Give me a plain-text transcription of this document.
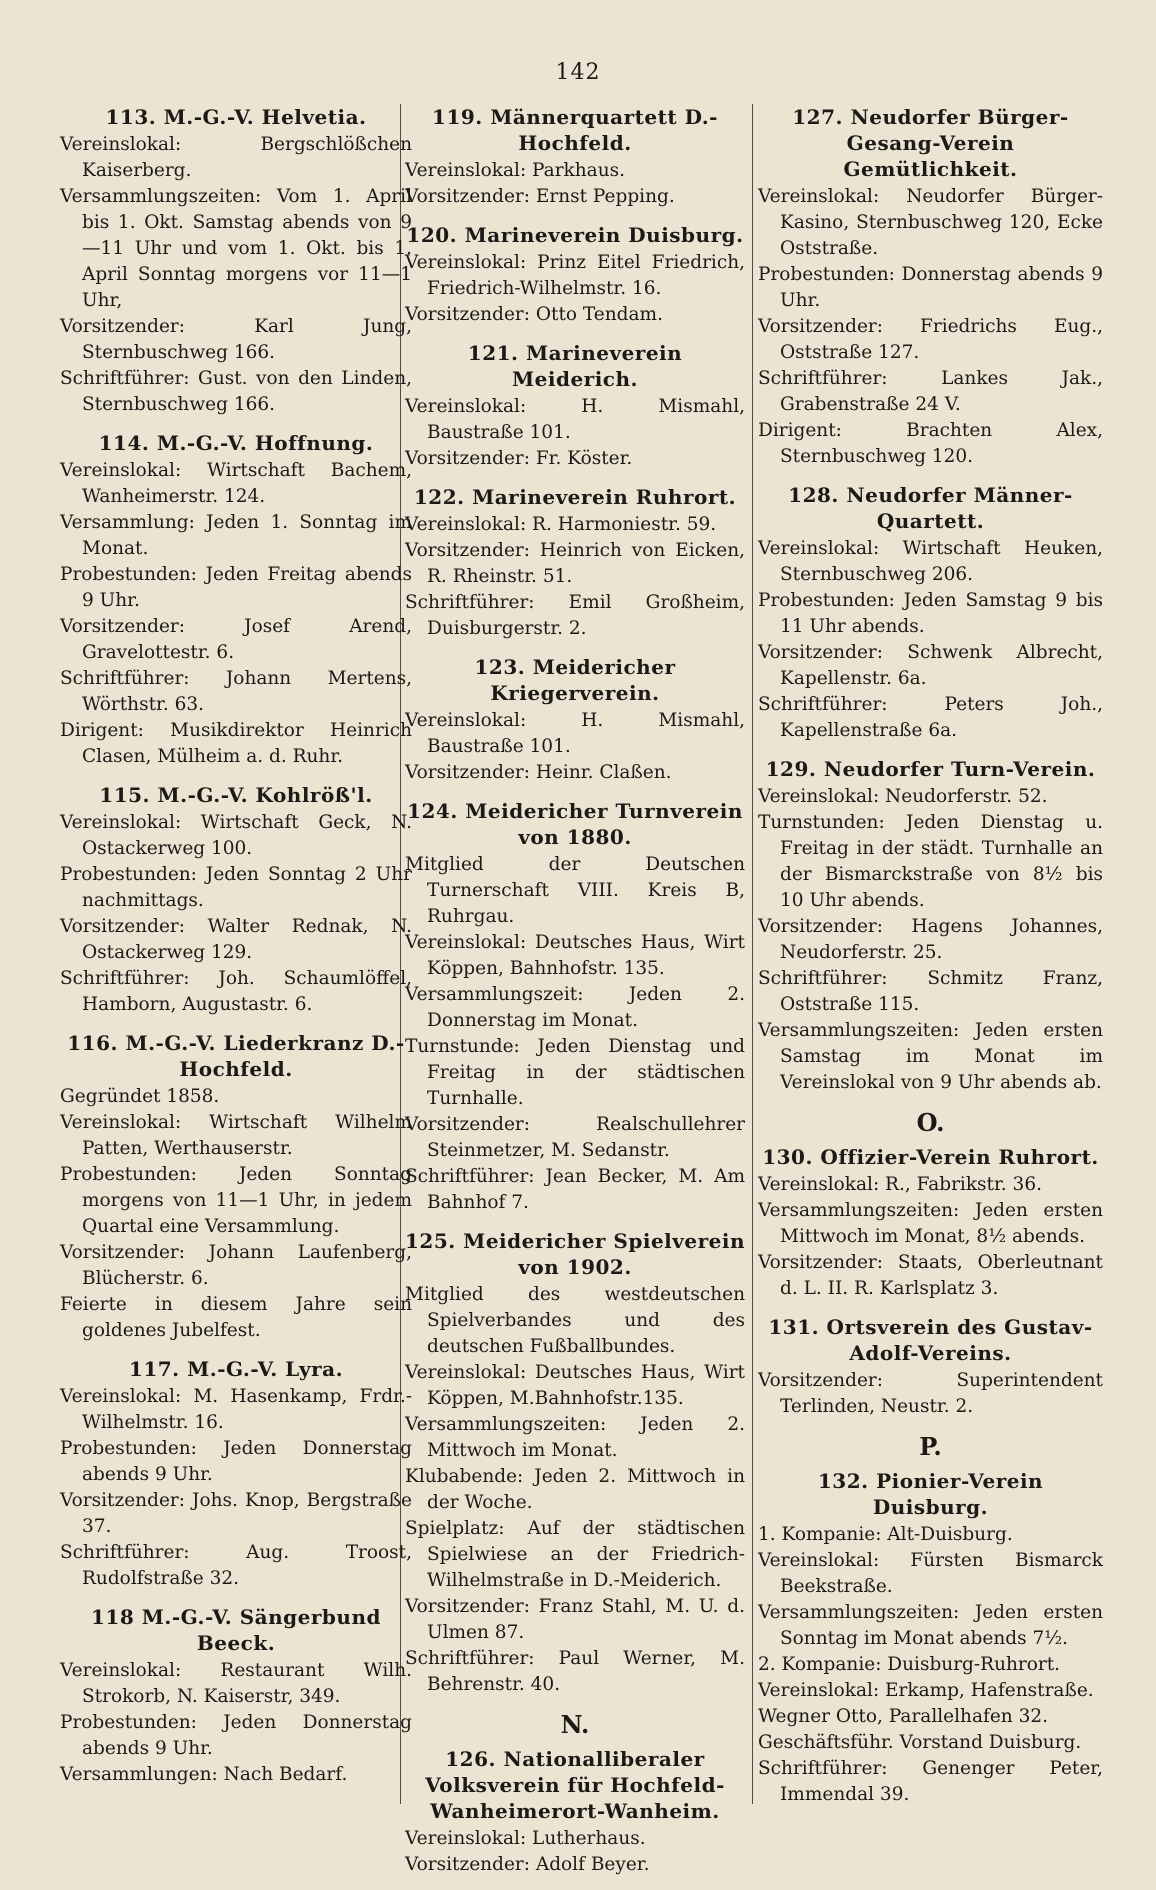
142
113. M.-G.-V. Helvetia.

Vereinslokal: Bergschlößchen Kaiserberg.

Versammlungszeiten: Vom 1. April bis 1. Okt. Samstag abends von 9—11 Uhr und vom 1. Okt. bis 1. April Sonntag morgens vor 11—1 Uhr,

Vorsitzender: Karl Jung, Sternbuschweg 166.

Schriftführer: Gust. von den Linden, Sternbuschweg 166.

114. M.-G.-V. Hoffnung.

Vereinslokal: Wirtschaft Bachem, Wanheimerstr. 124.

Versammlung: Jeden 1. Sonntag im Monat.

Probestunden: Jeden Freitag abends 9 Uhr.

Vorsitzender: Josef Arend, Gravelottestr. 6.

Schriftführer: Johann Mertens, Wörthstr. 63.

Dirigent: Musikdirektor Heinrich Clasen, Mülheim a. d. Ruhr.

115. M.-G.-V. Kohlröß'l.

Vereinslokal: Wirtschaft Geck, N. Ostackerweg 100.

Probestunden: Jeden Sonntag 2 Uhr nachmittags.

Vorsitzender: Walter Rednak, N. Ostackerweg 129.

Schriftführer: Joh. Schaumlöffel, Hamborn, Augustastr. 6.

116. M.-G.-V. Liederkranz D.- Hochfeld.

Gegründet 1858.

Vereinslokal: Wirtschaft Wilhelm Patten, Werthauserstr.

Probestunden: Jeden Sonntag morgens von 11—1 Uhr, in jedem Quartal eine Versammlung.

Vorsitzender: Johann Laufenberg, Blücherstr. 6.

Feierte in diesem Jahre sein goldenes Jubelfest.

117. M.-G.-V. Lyra.

Vereinslokal: M. Hasenkamp, Frdr.-Wilhelmstr. 16.

Probestunden: Jeden Donnerstag abends 9 Uhr.

Vorsitzender: Johs. Knop, Bergstraße 37.

Schriftführer: Aug. Troost, Rudolfstraße 32.

118 M.-G.-V. Sängerbund Beeck.

Vereinslokal: Restaurant Wilh. Strokorb, N. Kaiserstr, 349.

Probestunden: Jeden Donnerstag abends 9 Uhr.

Versammlungen: Nach Bedarf.

119. Männerquartett D.-Hochfeld.

Vereinslokal: Parkhaus.

Vorsitzender: Ernst Pepping.

120. Marineverein Duisburg.

Vereinslokal: Prinz Eitel Friedrich, Friedrich-Wilhelmstr. 16.

Vorsitzender: Otto Tendam.

121. Marineverein Meiderich.

Vereinslokal: H. Mismahl, Baustraße 101.

Vorsitzender: Fr. Köster.

122. Marineverein Ruhrort.

Vereinslokal: R. Harmoniestr. 59.

Vorsitzender: Heinrich von Eicken, R. Rheinstr. 51.

Schriftführer: Emil Großheim, Duisburgerstr. 2.

123. Meidericher Kriegerverein.

Vereinslokal: H. Mismahl, Baustraße 101.

Vorsitzender: Heinr. Claßen.

124. Meidericher Turnverein von 1880.

Mitglied der Deutschen Turnerschaft VIII. Kreis B, Ruhrgau.

Vereinslokal: Deutsches Haus, Wirt Köppen, Bahnhofstr. 135.

Versammlungszeit: Jeden 2. Donnerstag im Monat.

Turnstunde: Jeden Dienstag und Freitag in der städtischen Turnhalle.

Vorsitzender: Realschullehrer Steinmetzer, M. Sedanstr.

Schriftführer: Jean Becker, M. Am Bahnhof 7.

125. Meidericher Spielverein von 1902.

Mitglied des westdeutschen Spielverbandes und des deutschen Fußballbundes.

Vereinslokal: Deutsches Haus, Wirt Köppen, M.Bahnhofstr.135.

Versammlungszeiten: Jeden 2. Mittwoch im Monat.

Klubabende: Jeden 2. Mittwoch in der Woche.

Spielplatz: Auf der städtischen Spielwiese an der Friedrich-Wilhelmstraße in D.-Meiderich.

Vorsitzender: Franz Stahl, M. U. d. Ulmen 87.

Schriftführer: Paul Werner, M. Behrenstr. 40.

N.
126. Nationalliberaler Volksverein für Hochfeld-Wanheimerort-Wanheim.

Vereinslokal: Lutherhaus.

Vorsitzender: Adolf Beyer.

127. Neudorfer Bürger-Gesang-Verein Gemütlichkeit.

Vereinslokal: Neudorfer Bürger-Kasino, Sternbuschweg 120, Ecke Oststraße.

Probestunden: Donnerstag abends 9 Uhr.

Vorsitzender: Friedrichs Eug., Oststraße 127.

Schriftführer: Lankes Jak., Grabenstraße 24 V.

Dirigent: Brachten Alex, Sternbuschweg 120.

128. Neudorfer Männer-Quartett.

Vereinslokal: Wirtschaft Heuken, Sternbuschweg 206.

Probestunden: Jeden Samstag 9 bis 11 Uhr abends.

Vorsitzender: Schwenk Albrecht, Kapellenstr. 6a.

Schriftführer: Peters Joh., Kapellenstraße 6a.

129. Neudorfer Turn-Verein.

Vereinslokal: Neudorferstr. 52.

Turnstunden: Jeden Dienstag u. Freitag in der städt. Turnhalle an der Bismarckstraße von 8½ bis 10 Uhr abends.

Vorsitzender: Hagens Johannes, Neudorferstr. 25.

Schriftführer: Schmitz Franz, Oststraße 115.

Versammlungszeiten: Jeden ersten Samstag im Monat im Vereinslokal von 9 Uhr abends ab.

O.
130. Offizier-Verein Ruhrort.

Vereinslokal: R., Fabrikstr. 36.

Versammlungszeiten: Jeden ersten Mittwoch im Monat, 8½ abends.

Vorsitzender: Staats, Oberleutnant d. L. II. R. Karlsplatz 3.

131. Ortsverein des Gustav-Adolf-Vereins.

Vorsitzender: Superintendent Terlinden, Neustr. 2.

P.
132. Pionier-Verein Duisburg.

1. Kompanie: Alt-Duisburg.

Vereinslokal: Fürsten Bismarck Beekstraße.

Versammlungszeiten: Jeden ersten Sonntag im Monat abends 7½.

2. Kompanie: Duisburg-Ruhrort.

Vereinslokal: Erkamp, Hafenstraße.

Wegner Otto, Parallelhafen 32.

Geschäftsführ. Vorstand Duisburg.

Schriftführer: Genenger Peter, Immendal 39.
